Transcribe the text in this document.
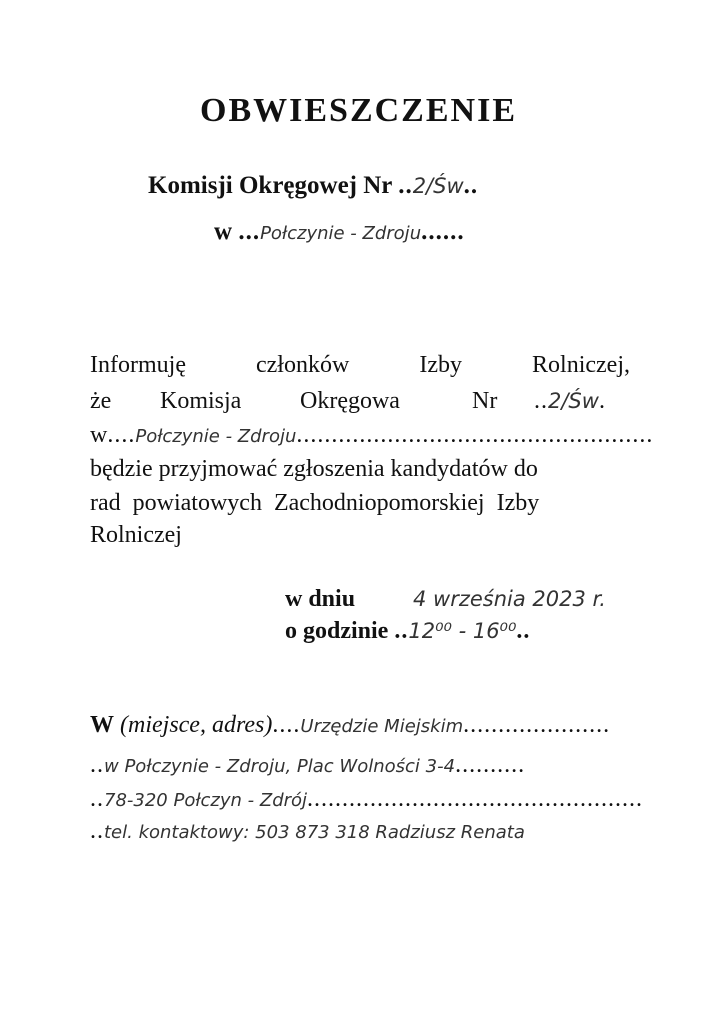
OBWIESZCZENIE
Komisji Okręgowej Nr ..2/Św..
w ...Połczynie - Zdroju......
Informuję	członków	Izby	Rolniczej,
że Komisja Okręgowa	Nr ..2/Św.
w .... Połczynie - Zdroju ...................................................
będzie przyjmować zgłoszenia kandydatów do
rad powiatowych Zachodniopomorskiej Izby
Rolniczej
w dniu	4 września 2023 r.
o godzinie ..12⁰⁰ - 16⁰⁰..
W
(miejsce, adres) .... Urzędzie Miejskim .....................
.. w Połczynie - Zdroju, Plac Wolności 3-4 ..........
.. 78-320 Połczyn - Zdrój ................................................
.. tel. kontaktowy: 503 873 318 Radziusz Renata
